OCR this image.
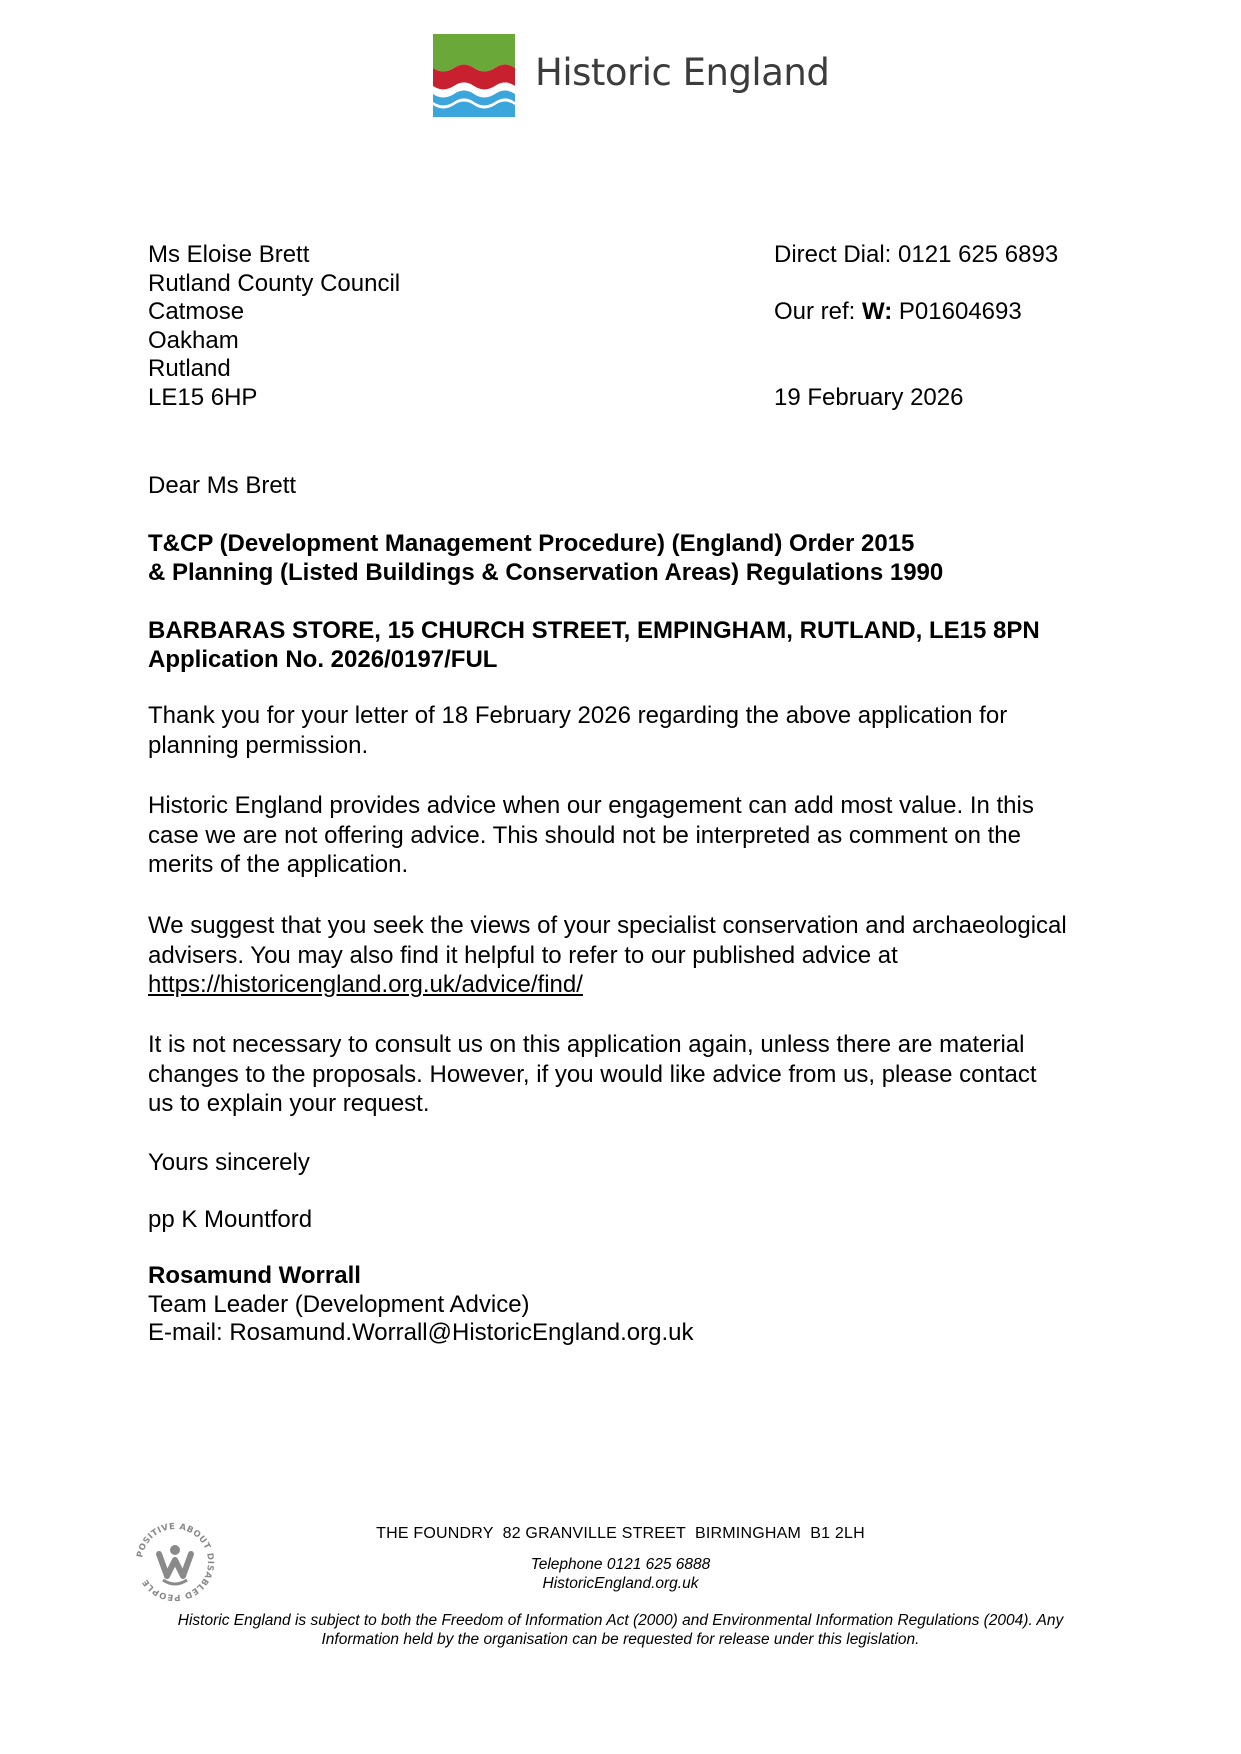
Historic England
Ms Eloise Brett
Rutland County Council
Catmose
Oakham
Rutland
LE15 6HP
Direct Dial: 0121 625 6893
Our ref: W: P01604693
19 February 2026
Dear Ms Brett
T&CP (Development Management Procedure) (England) Order 2015
& Planning (Listed Buildings & Conservation Areas) Regulations 1990
BARBARAS STORE, 15 CHURCH STREET, EMPINGHAM, RUTLAND, LE15 8PN
Application No. 2026/0197/FUL
Thank you for your letter of 18 February 2026 regarding the above application for
planning permission.
Historic England provides advice when our engagement can add most value. In this
case we are not offering advice. This should not be interpreted as comment on the
merits of the application.
We suggest that you seek the views of your specialist conservation and archaeological
advisers. You may also find it helpful to refer to our published advice at
https://historicengland.org.uk/advice/find/
It is not necessary to consult us on this application again, unless there are material
changes to the proposals. However, if you would like advice from us, please contact
us to explain your request.
Yours sincerely
pp K Mountford
Rosamund Worrall
Team Leader (Development Advice)
E-mail: Rosamund.Worrall@HistoricEngland.org.uk
POSITIVE ABOUT DISABLED PEOPLE
THE FOUNDRY  82 GRANVILLE STREET  BIRMINGHAM  B1 2LH
Telephone 0121 625 6888
HistoricEngland.org.uk
Historic England is subject to both the Freedom of Information Act (2000) and Environmental Information Regulations (2004). Any
Information held by the organisation can be requested for release under this legislation.
